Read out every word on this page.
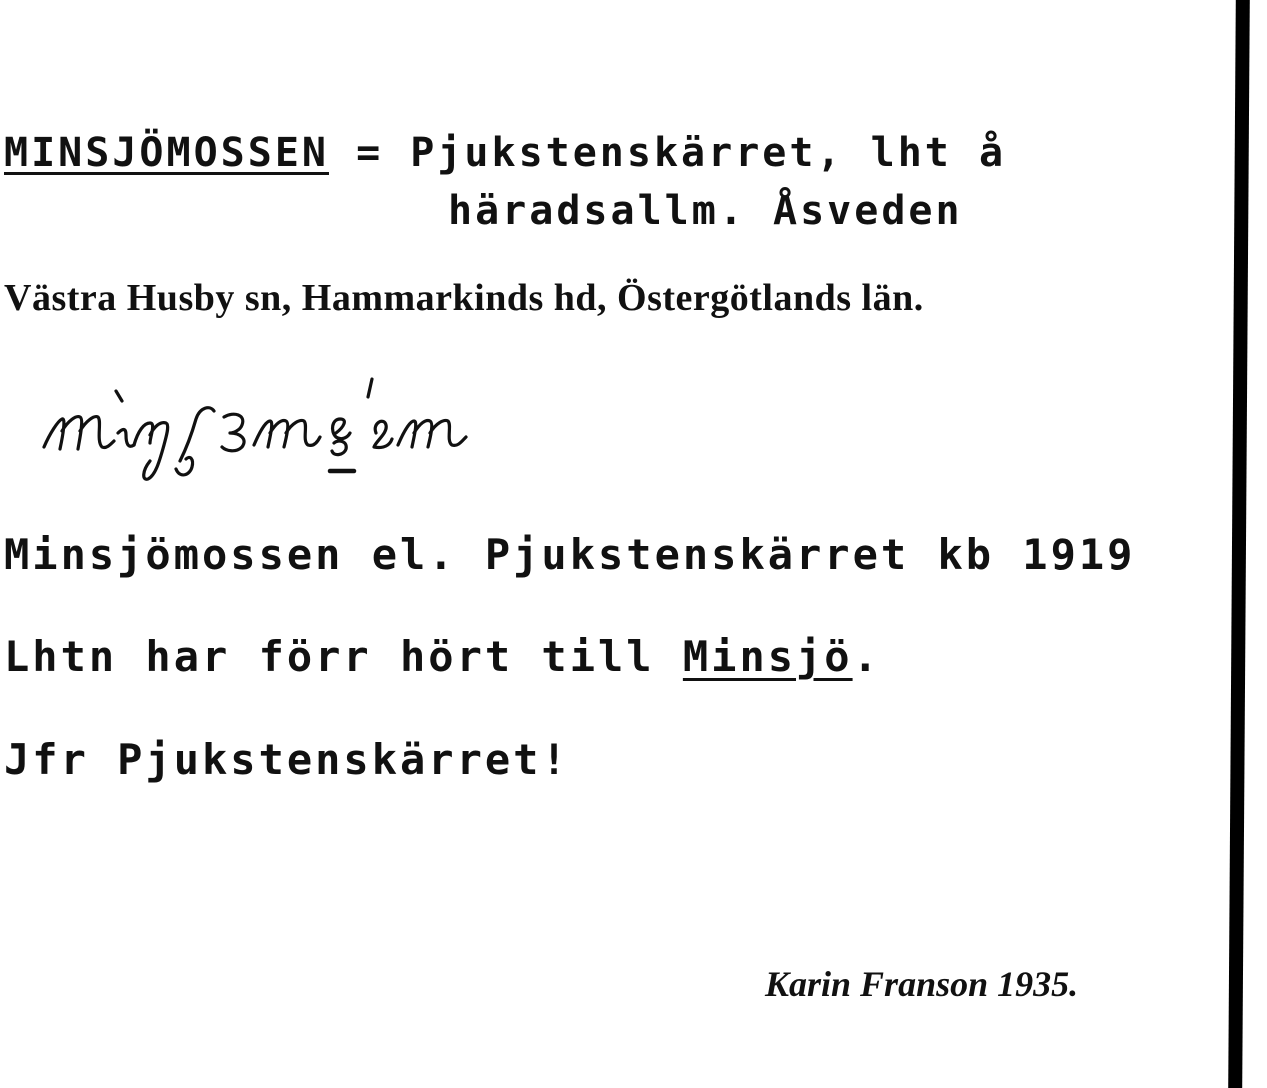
MINSJÖMOSSEN = Pjukstenskärret, lht å
häradsallm. Åsveden
Västra Husby sn, Hammarkinds hd, Östergötlands län.
Minsjömossen el. Pjukstenskärret kb 1919
Lhtn har förr hört till Minsjö.
Jfr Pjukstenskärret!
Karin Franson 1935.
